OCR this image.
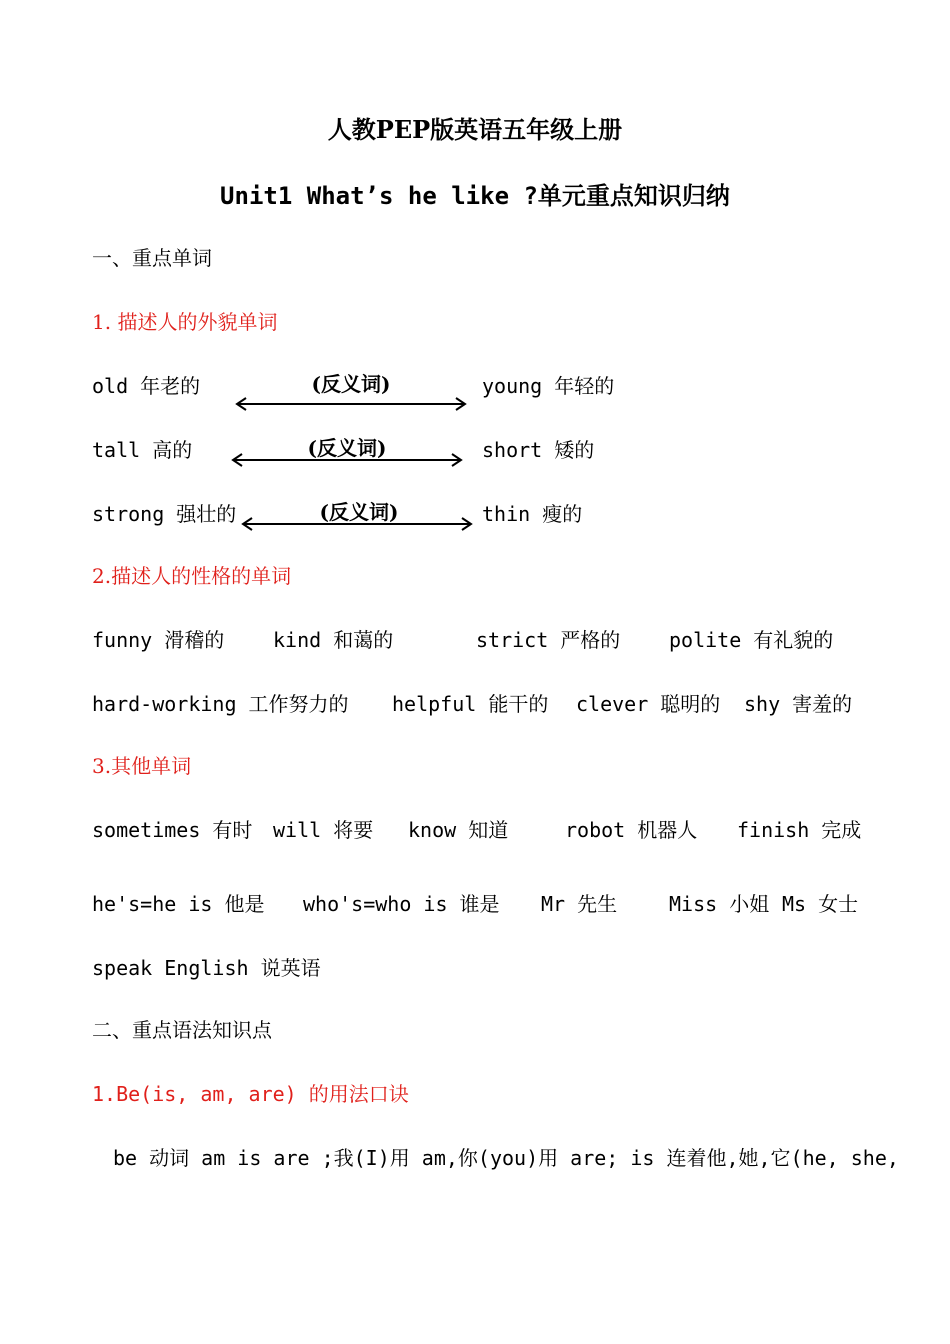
人教PEP版英语五年级上册
Unit1 What’s he like ?单元重点知识归纳
一、重点单词
1. 描述人的外貌单词
old 年老的	(反义词)	young 年轻的
tall 高的	(反义词)	short 矮的
strong 强壮的	(反义词)	thin 瘦的
2.描述人的性格的单词
funny 滑稽的 kind 和蔼的	strict 严格的 polite 有礼貌的
hard-working 工作努力的 helpful 能干的 clever 聪明的 shy 害羞的
3.其他单词
sometimes 有时 will 将要 know 知道	robot 机器人 finish 完成
he's=he is 他是 who's=who is 谁是 Mr 先生	Miss 小姐 Ms 女士
speak English 说英语
二、重点语法知识点
1.Be(is, am, are) 的用法口诀
be 动词 am is are ;我(I)用 am,你(you)用 are; is 连着他,她,它(he, she,
